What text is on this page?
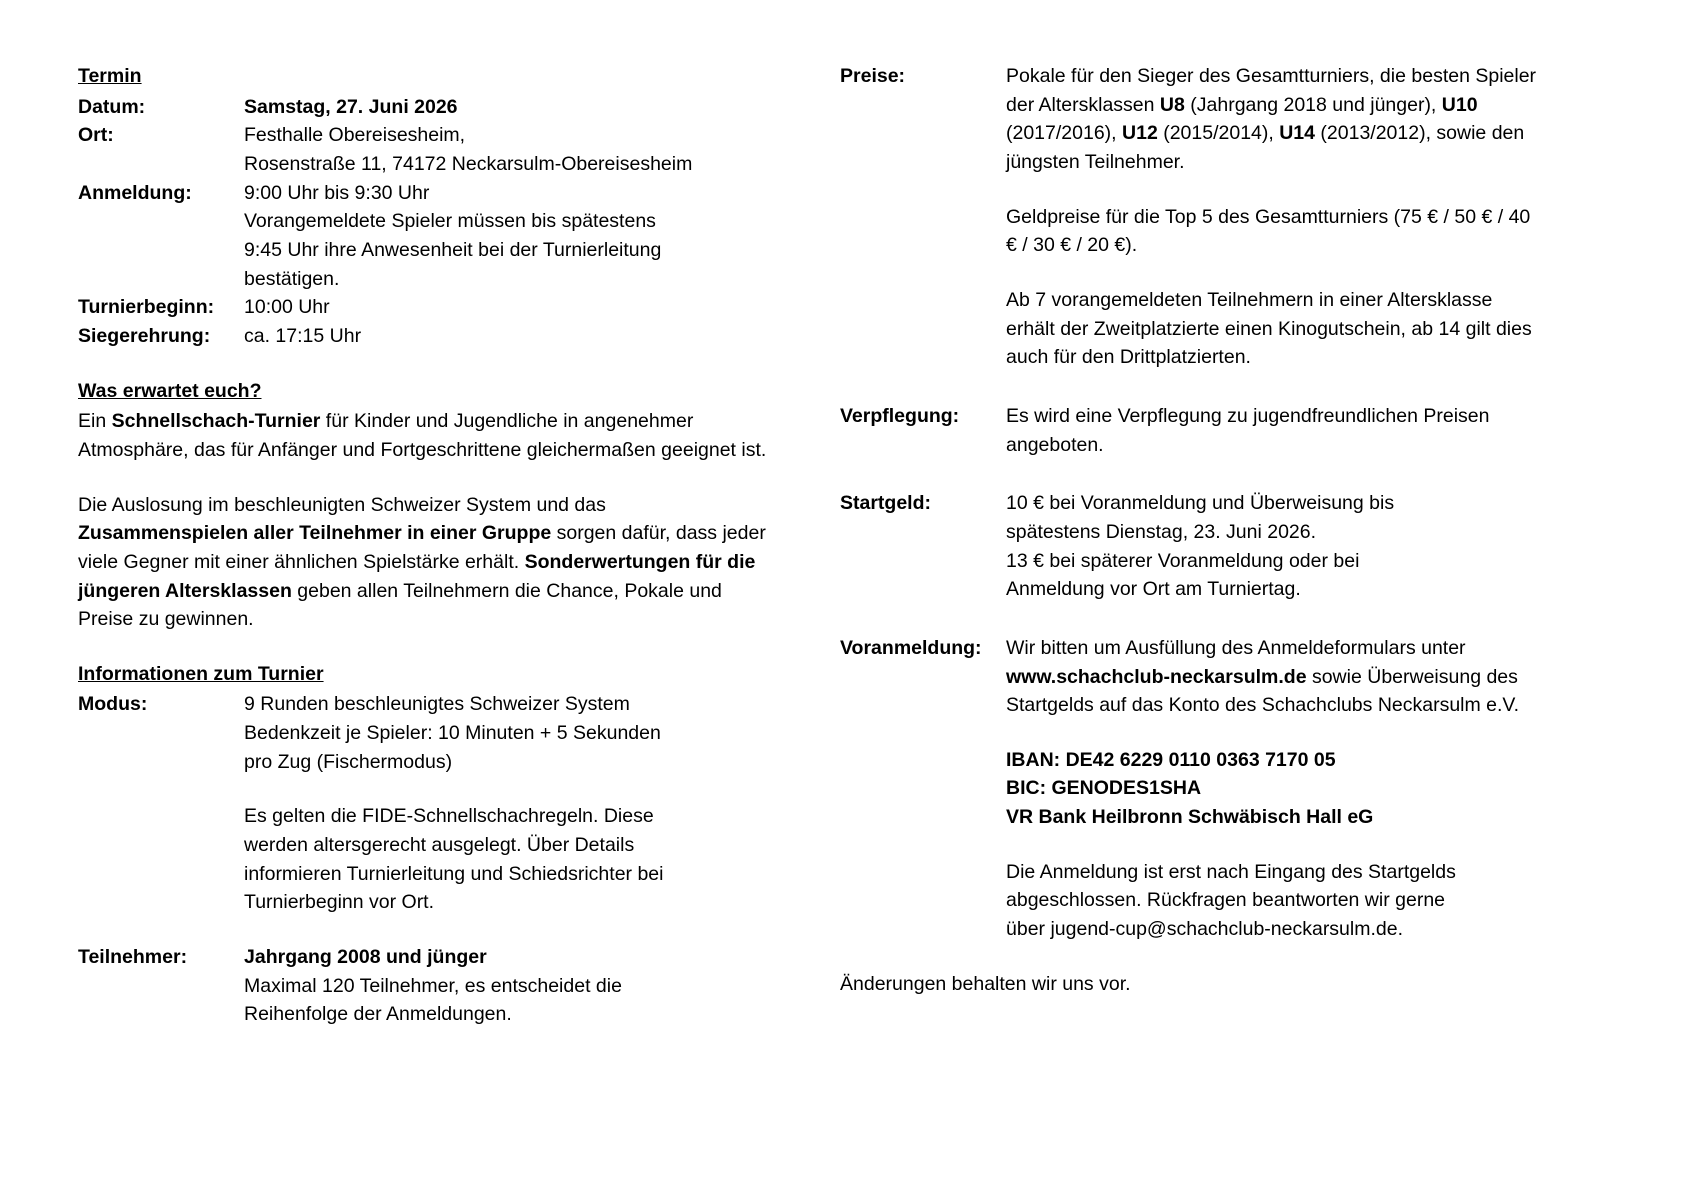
Termin
Datum:	Samstag, 27. Juni 2026
Ort:	Festhalle Obereisesheim,
Rosenstraße 11, 74172 Neckarsulm-Obereisesheim
Anmeldung:	9:00 Uhr bis 9:30 Uhr
Vorangemeldete Spieler müssen bis spätestens
9:45 Uhr ihre Anwesenheit bei der Turnierleitung
bestätigen.
Turnierbeginn:	10:00 Uhr
Siegerehrung:	ca. 17:15 Uhr
Was erwartet euch?

Ein Schnellschach-Turnier für Kinder und Jugendliche in angenehmer Atmosphäre, das für Anfänger und Fortgeschrittene gleichermaßen geeignet ist.

Die Auslosung im beschleunigten Schweizer System und das Zusammenspielen aller Teilnehmer in einer Gruppe sorgen dafür, dass jeder viele Gegner mit einer ähnlichen Spielstärke erhält. Sonderwertungen für die jüngeren Altersklassen geben allen Teilnehmern die Chance, Pokale und Preise zu gewinnen.

Informationen zum Turnier
Modus:	9 Runden beschleunigtes Schweizer System
Bedenkzeit je Spieler: 10 Minuten + 5 Sekunden
pro Zug (Fischermodus)
Es gelten die FIDE-Schnellschachregeln. Diese
werden altersgerecht ausgelegt. Über Details
informieren Turnierleitung und Schiedsrichter bei
Turnierbeginn vor Ort.
Teilnehmer:	Jahrgang 2008 und jünger
Maximal 120 Teilnehmer, es entscheidet die
Reihenfolge der Anmeldungen.
Preise:	Pokale für den Sieger des Gesamtturniers, die besten Spieler der Altersklassen U8 (Jahrgang 2018 und jünger), U10 (2017/2016), U12 (2015/2014), U14 (2013/2012), sowie den jüngsten Teilnehmer.

Geldpreise für die Top 5 des Gesamtturniers (75 € / 50 € / 40 € / 30 € / 20 €).

Ab 7 vorangemeldeten Teilnehmern in einer Altersklasse erhält der Zweitplatzierte einen Kinogutschein, ab 14 gilt dies auch für den Drittplatzierten.

Verpflegung:	Es wird eine Verpflegung zu jugendfreundlichen Preisen angeboten.
Startgeld:	10 € bei Voranmeldung und Überweisung bis
spätestens Dienstag, 23. Juni 2026.
13 € bei späterer Voranmeldung oder bei
Anmeldung vor Ort am Turniertag.
Voranmeldung:	Wir bitten um Ausfüllung des Anmeldeformulars unter www.schachclub-neckarsulm.de sowie Überweisung des Startgelds auf das Konto des Schachclubs Neckarsulm e.V.

IBAN: DE42 6229 0110 0363 7170 05
BIC: GENODES1SHA
VR Bank Heilbronn Schwäbisch Hall eG
Die Anmeldung ist erst nach Eingang des Startgelds
abgeschlossen. Rückfragen beantworten wir gerne
über jugend-cup@schachclub-neckarsulm.de.
Änderungen behalten wir uns vor.
